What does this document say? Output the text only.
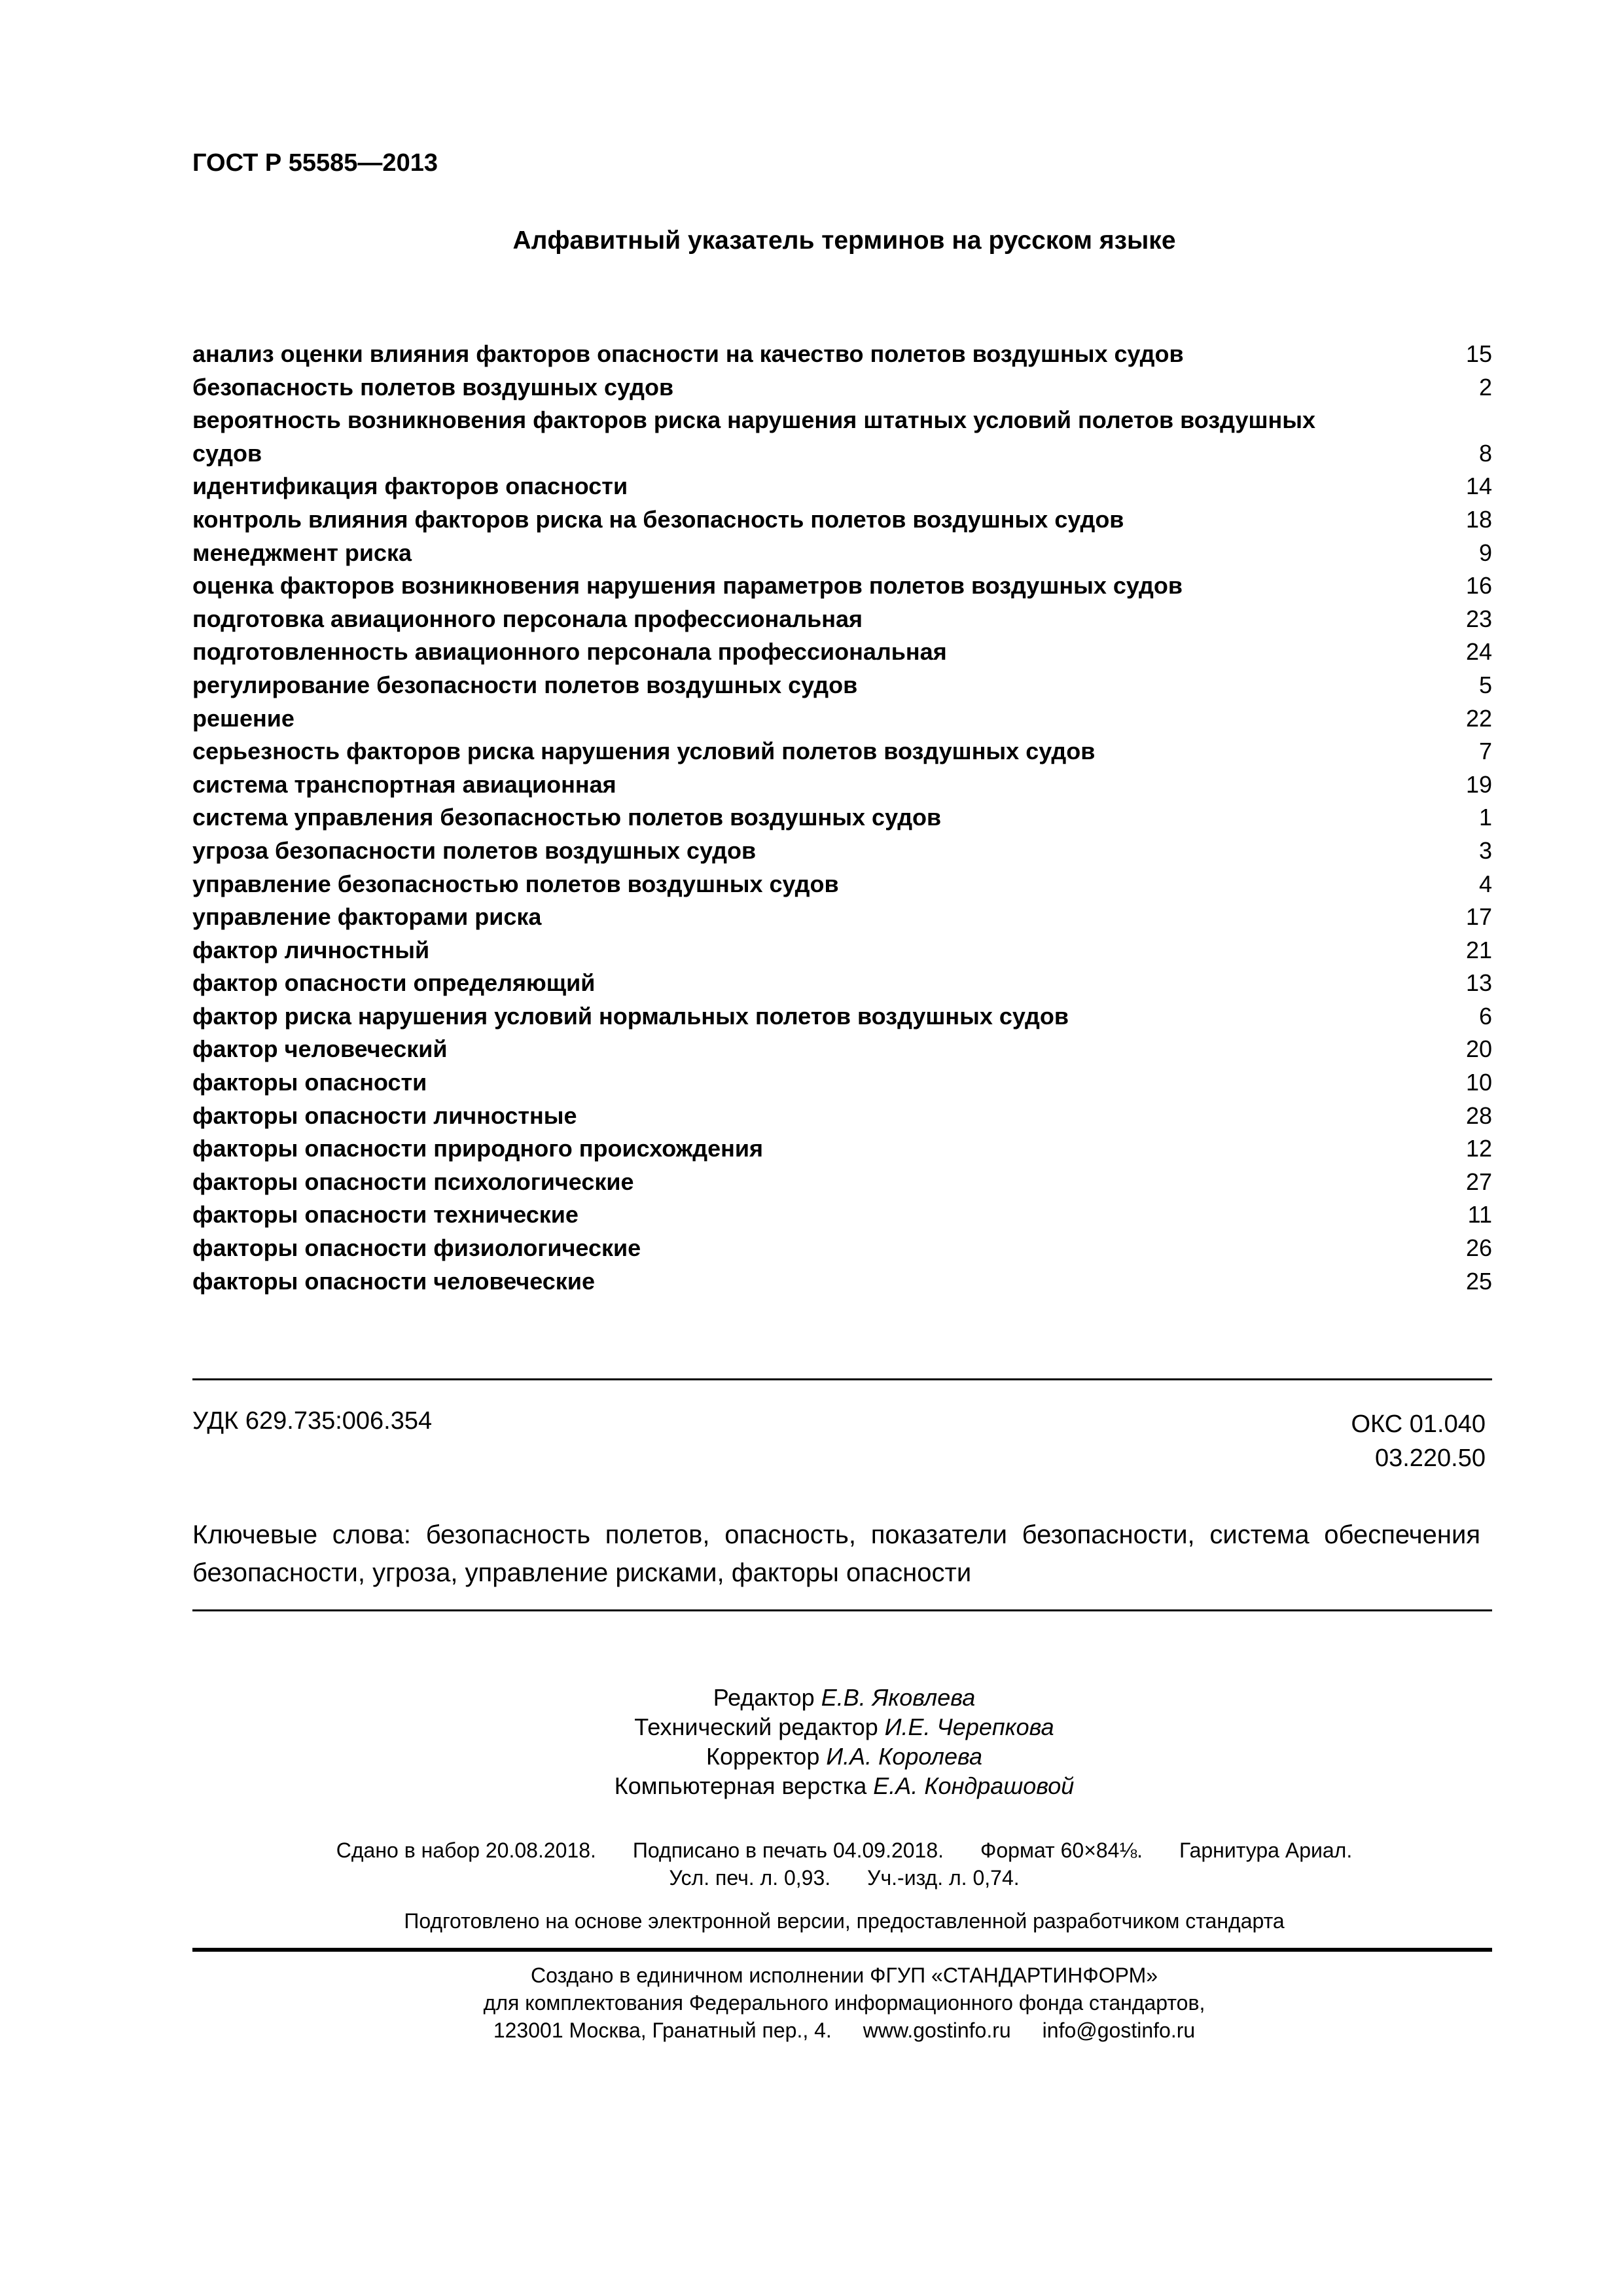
ГОСТ Р 55585—2013
Алфавитный указатель терминов на русском языке
анализ оценки влияния факторов опасности на качество полетов воздушных судов	15
безопасность полетов воздушных судов	2
вероятность возникновения факторов риска нарушения штатных условий полетов воздушных судов	8
идентификация факторов опасности	14
контроль влияния факторов риска на безопасность полетов воздушных судов	18
менеджмент риска	9
оценка факторов возникновения нарушения параметров полетов воздушных судов	16
подготовка авиационного персонала профессиональная	23
подготовленность авиационного персонала профессиональная	24
регулирование безопасности полетов воздушных судов	5
решение	22
серьезность факторов риска нарушения условий полетов воздушных судов	7
система транспортная авиационная	19
система управления безопасностью полетов воздушных судов	1
угроза безопасности полетов воздушных судов	3
управление безопасностью полетов воздушных судов	4
управление факторами риска	17
фактор личностный	21
фактор опасности определяющий	13
фактор риска нарушения условий нормальных полетов воздушных судов	6
фактор человеческий	20
факторы опасности	10
факторы опасности личностные	28
факторы опасности природного происхождения	12
факторы опасности психологические	27
факторы опасности технические	11
факторы опасности физиологические	26
факторы опасности человеческие	25
УДК 629.735:006.354	ОКС 01.040
03.220.50
Ключевые слова: безопасность полетов, опасность, показатели безопасности, система обеспечения безопасности, угроза, управление рисками, факторы опасности
Редактор Е.В. Яковлева
Технический редактор И.Е. Черепкова
Корректор И.А. Королева
Компьютерная верстка Е.А. Кондрашовой
Сдано в набор 20.08.2018. Подписано в печать 04.09.2018. Формат 60×84⅛. Гарнитура Ариал.
Усл. печ. л. 0,93. Уч.-изд. л. 0,74.
Подготовлено на основе электронной версии, предоставленной разработчиком стандарта
Создано в единичном исполнении ФГУП «СТАНДАРТИНФОРМ»
для комплектования Федерального информационного фонда стандартов,
123001 Москва, Гранатный пер., 4. www.gostinfo.ru info@gostinfo.ru
